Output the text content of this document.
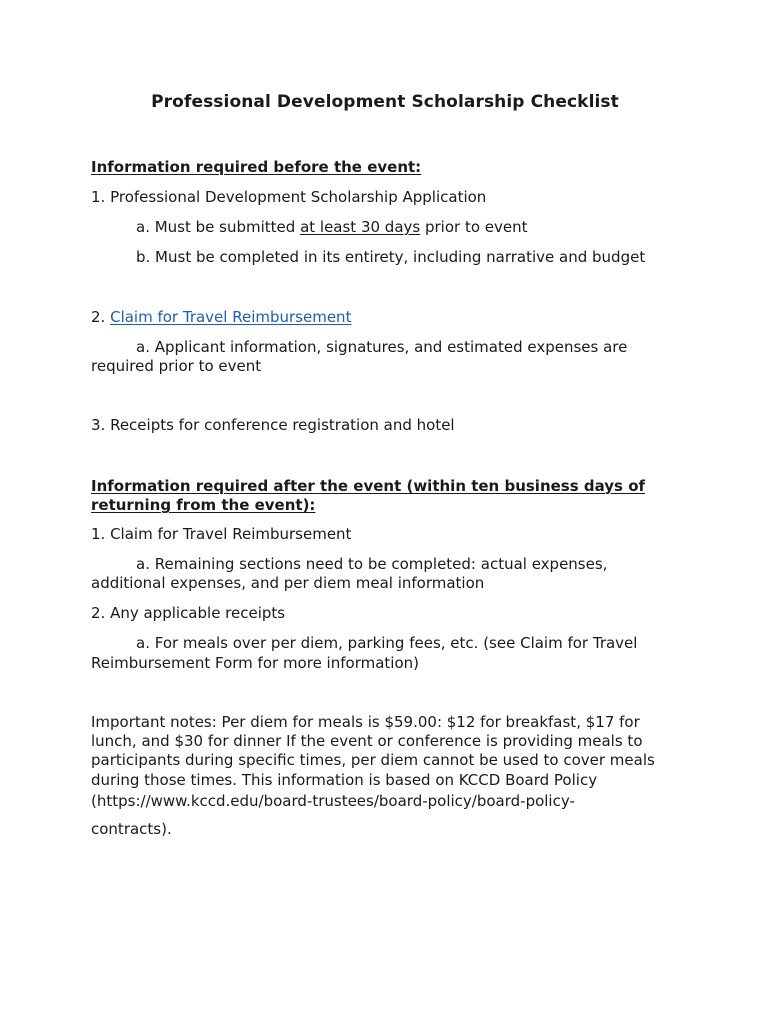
Professional Development Scholarship Checklist
Information required before the event:
1. Professional Development Scholarship Application
a. Must be submitted at least 30 days prior to event
b. Must be completed in its entirety, including narrative and budget
2. Claim for Travel Reimbursement
a. Applicant information, signatures, and estimated expenses are
required prior to event
3. Receipts for conference registration and hotel
Information required after the event (within ten business days of
returning from the event):
1. Claim for Travel Reimbursement
a. Remaining sections need to be completed: actual expenses,
additional expenses, and per diem meal information
2. Any applicable receipts
a. For meals over per diem, parking fees, etc. (see Claim for Travel
Reimbursement Form for more information)
Important notes: Per diem for meals is $59.00: $12 for breakfast, $17 for
lunch, and $30 for dinner If the event or conference is providing meals to
participants during specific times, per diem cannot be used to cover meals
during those times. This information is based on KCCD Board Policy
(https://www.kccd.edu/board-trustees/board-policy/board-policy-
contracts).
